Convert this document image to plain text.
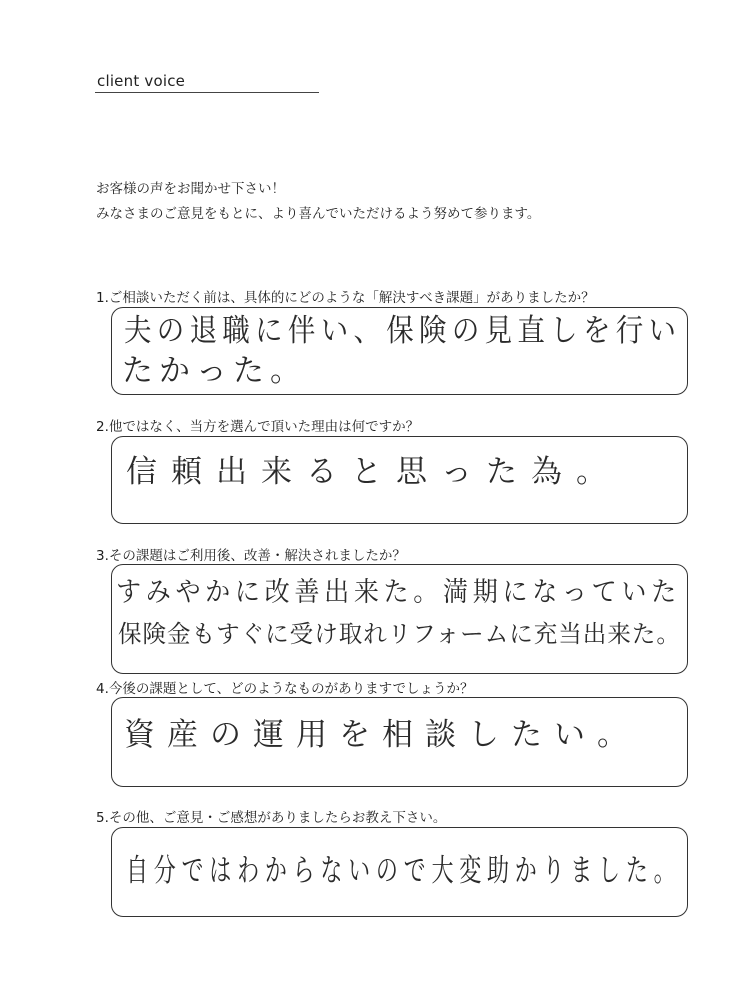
client voice
お客様の声をお聞かせ下さい！
みなさまのご意見をもとに、より喜んでいただけるよう努めて参ります。
1.ご相談いただく前は、具体的にどのような「解決すべき課題」がありましたか？
夫の退職に伴い、保険の見直しを行い
たかった。
2.他ではなく、当方を選んで頂いた理由は何ですか？
信頼出来ると思った為。
3.その課題はご利用後、改善・解決されましたか？
すみやかに改善出来た。満期になっていた
保険金もすぐに受け取れリフォームに充当出来た。
4.今後の課題として、どのようなものがありますでしょうか？
資産の運用を相談したい。
5.その他、ご意見・ご感想がありましたらお教え下さい。
自分ではわからないので大変助かりました。
